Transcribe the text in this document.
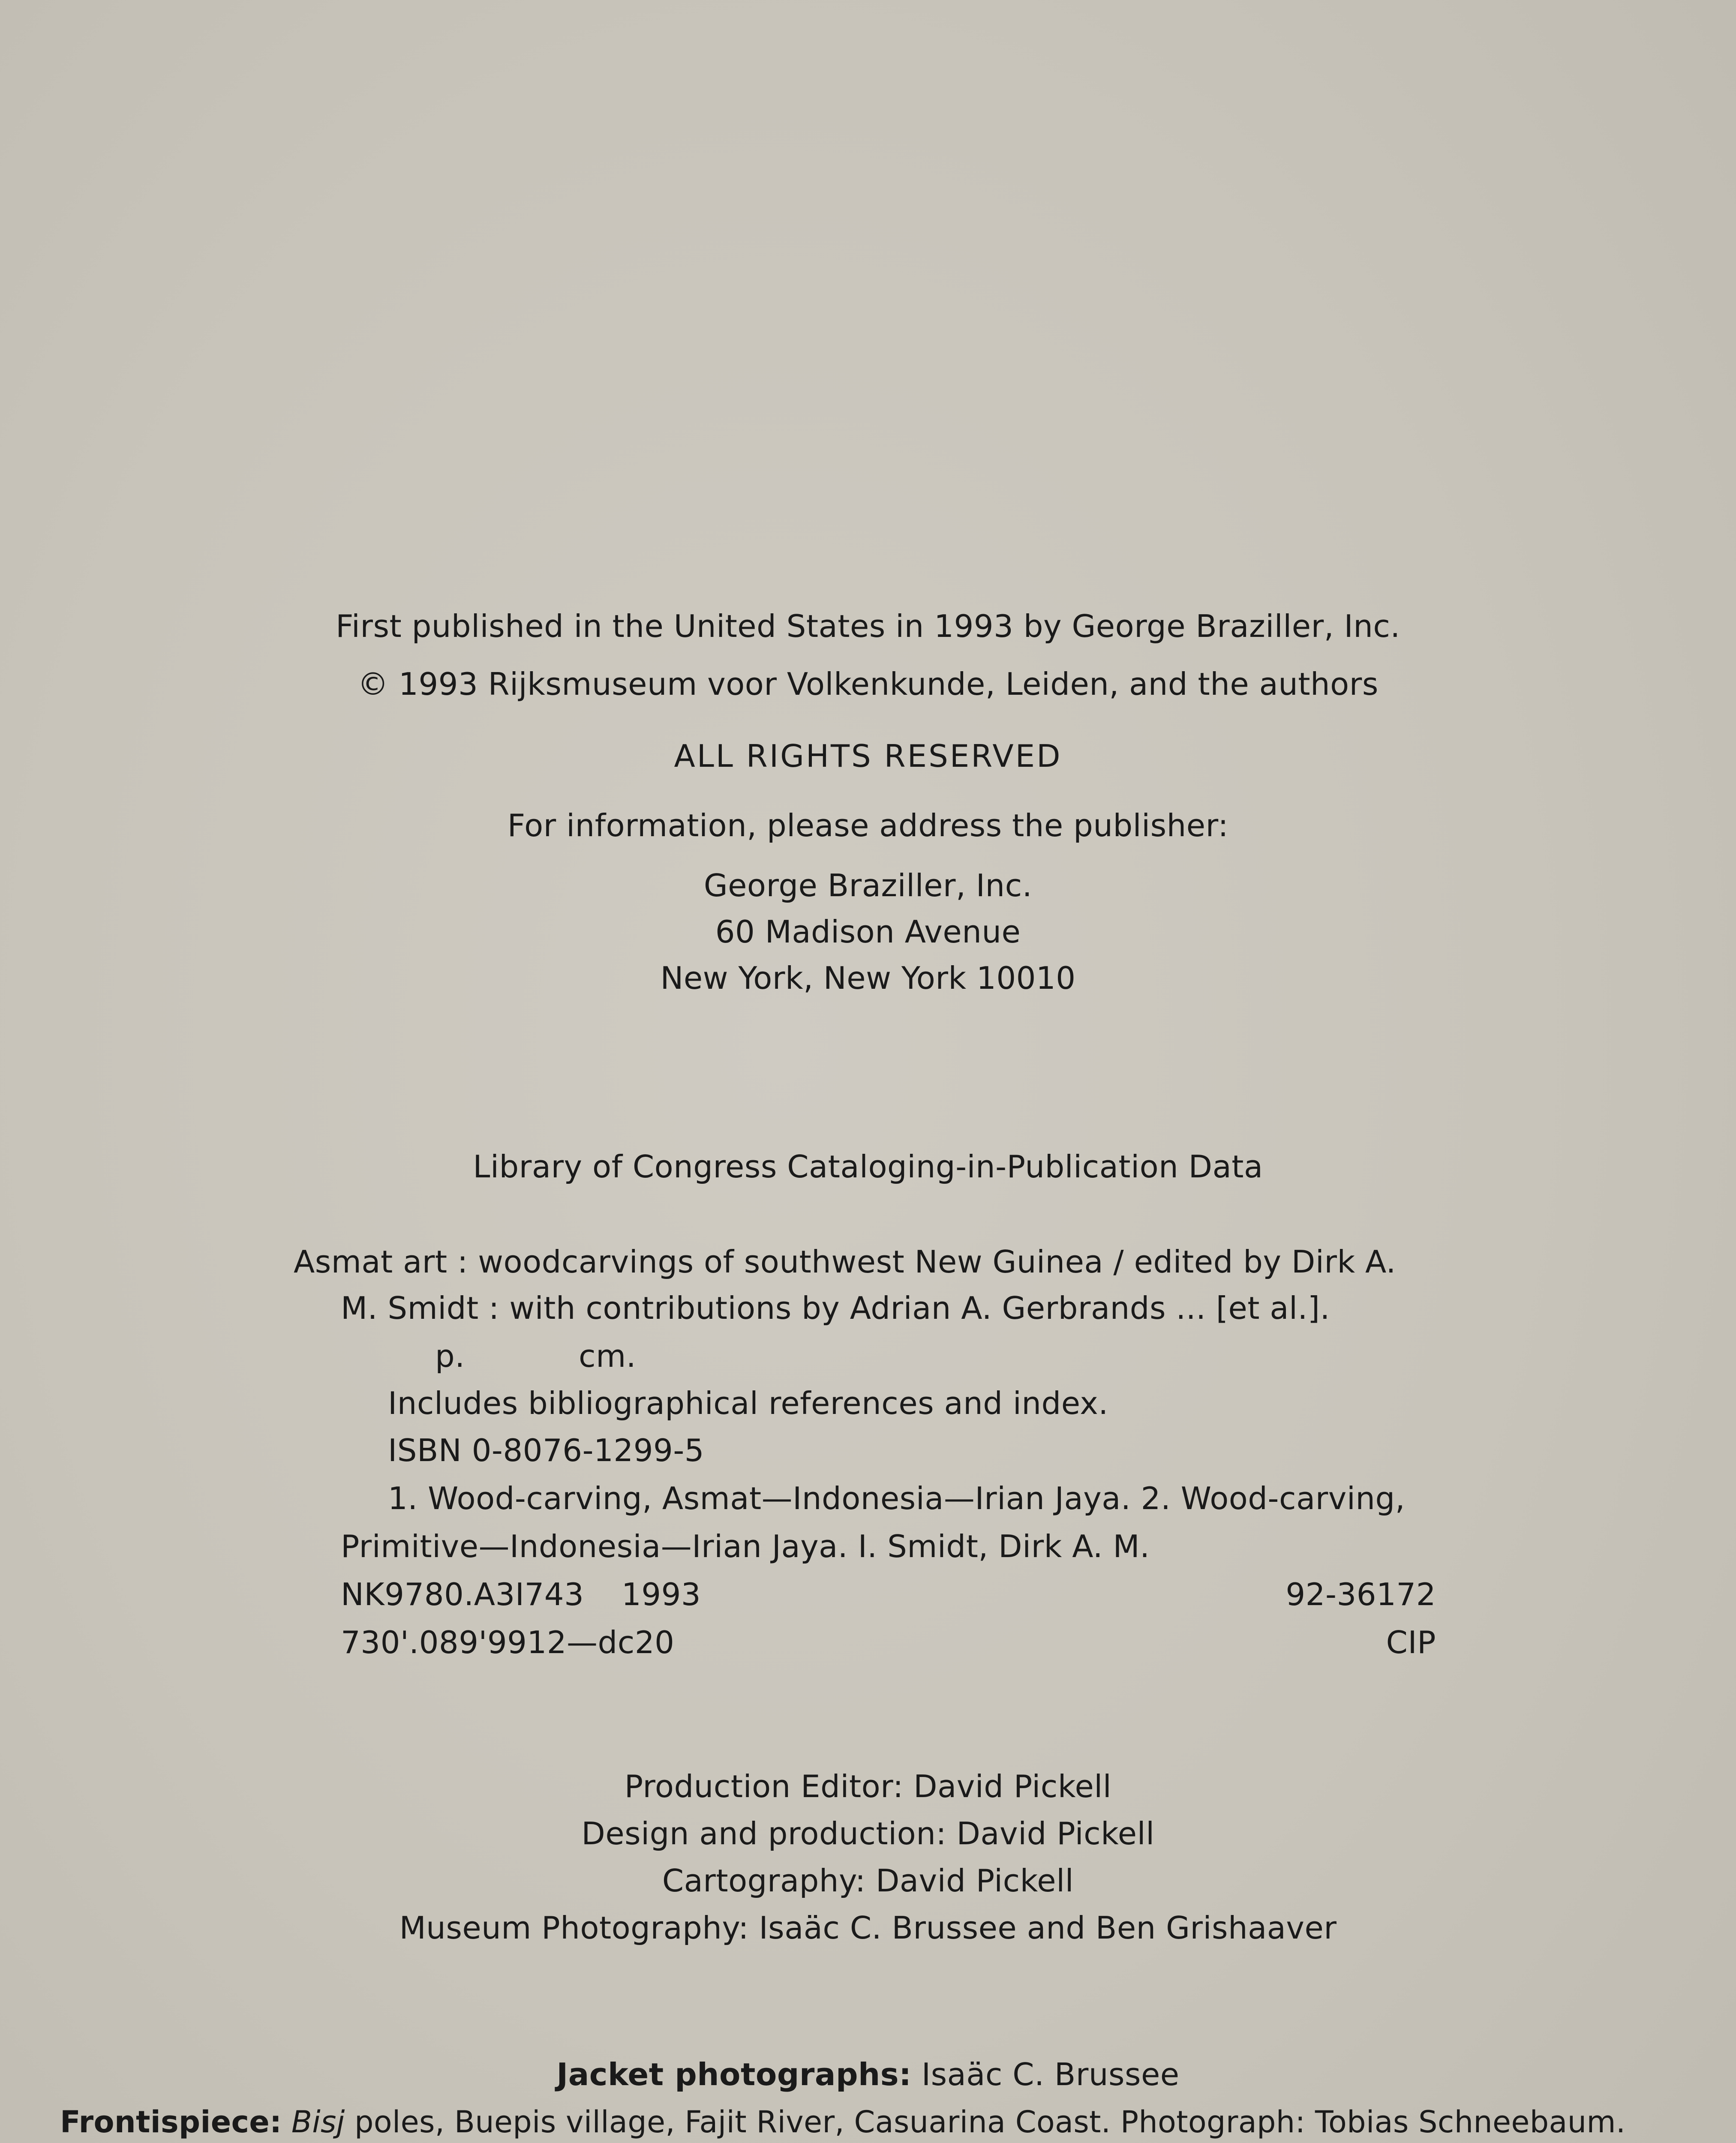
First published in the United States in 1993 by George Braziller, Inc.

© 1993 Rijksmuseum voor Volkenkunde, Leiden, and the authors

ALL RIGHTS RESERVED

For information, please address the publisher:

George Braziller, Inc.

60 Madison Avenue

New York, New York 10010

Library of Congress Cataloging-in-Publication Data

Asmat art : woodcarvings of southwest New Guinea / edited by Dirk A.

M. Smidt : with contributions by Adrian A. Gerbrands ... [et al.].

p.	cm.

Includes bibliographical references and index.

ISBN 0-8076-1299-5

1. Wood-carving, Asmat—Indonesia—Irian Jaya. 2. Wood-carving,

Primitive—Indonesia—Irian Jaya. I. Smidt, Dirk A. M.

NK9780.A3I743 1993	92-36172

730'.089'9912—dc20	CIP

Production Editor: David Pickell

Design and production: David Pickell

Cartography: David Pickell

Museum Photography: Isaäc C. Brussee and Ben Grishaaver

Jacket photographs: Isaäc C. Brussee

Frontispiece: Bisj poles, Buepis village, Fajit River, Casuarina Coast. Photograph: Tobias Schneebaum.
